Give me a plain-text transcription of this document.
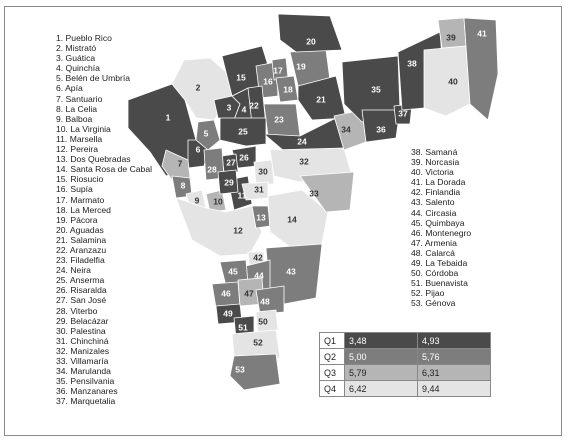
1
2
3 4
5
6
7
8
9 10
11
12
13	14
15 16
17
18
19
20
21
22
23
24
25
26
27
28
29
30
31
32
33
34
35
36
37
38
39
40
41
42
43
44
45
46 47
48
49
50
51
52
53
1. Pueblo Rico
2. Mistrató
3. Guática
4. Quinchía
5. Belén de Umbría
6. Apía
7. Santuario
8. La Celia
9. Balboa
10. La Virginia
11. Marsella
12. Pereira
13. Dos Quebradas
14. Santa Rosa de Cabal
15. Riosucio
16. Supía
17. Marmato
18. La Merced
19. Pácora
20. Aguadas
21. Salamina
22. Aranzazu
23. Filadelfia
24. Neira
25. Anserma
26. Risaralda
27. San José
28. Viterbo
29. Belacázar
30. Palestina
31. Chinchiná
32. Manizales
33. Villamaría
34. Marulanda
35. Pensilvania
36. Manzanares
37. Marquetalia
38. Samaná
39. Norcasia
40. Victoria
41. La Dorada
42. Finlandia
43. Salento
44. Circasia
45. Quimbaya
46. Montenegro
47. Armenia
48. Calarcá
49. La Tebaida
50. Córdoba
51. Buenavista
52. Pijao
53. Génova
Q1	3,48	4,93
Q2	5,00	5,76
Q3	5,79	6,31
Q4	6,42	9,44
